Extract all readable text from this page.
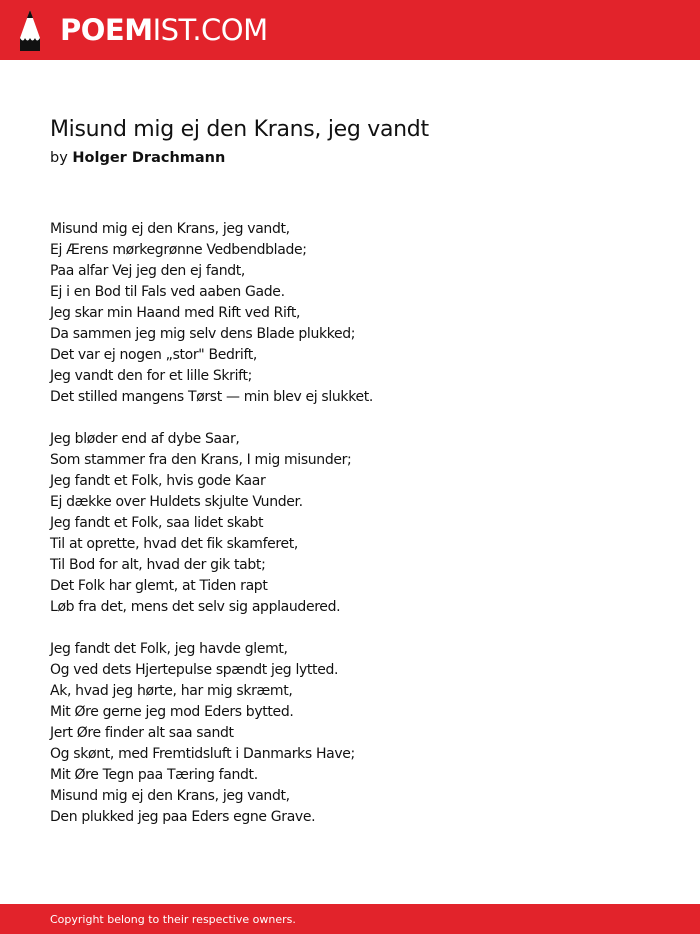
POEMIST.COM
Misund mig ej den Krans, jeg vandt
by Holger Drachmann
Misund mig ej den Krans, jeg vandt,
Ej Ærens mørkegrønne Vedbendblade;
Paa alfar Vej jeg den ej fandt,
Ej i en Bod til Fals ved aaben Gade.
Jeg skar min Haand med Rift ved Rift,
Da sammen jeg mig selv dens Blade plukked;
Det var ej nogen „stor" Bedrift,
Jeg vandt den for et lille Skrift;
Det stilled mangens Tørst — min blev ej slukket.
Jeg bløder end af dybe Saar,
Som stammer fra den Krans, I mig misunder;
Jeg fandt et Folk, hvis gode Kaar
Ej dække over Huldets skjulte Vunder.
Jeg fandt et Folk, saa lidet skabt
Til at oprette, hvad det fik skamferet,
Til Bod for alt, hvad der gik tabt;
Det Folk har glemt, at Tiden rapt
Løb fra det, mens det selv sig applaudered.
Jeg fandt det Folk, jeg havde glemt,
Og ved dets Hjertepulse spændt jeg lytted.
Ak, hvad jeg hørte, har mig skræmt,
Mit Øre gerne jeg mod Eders bytted.
Jert Øre finder alt saa sandt
Og skønt, med Fremtidsluft i Danmarks Have;
Mit Øre Tegn paa Tæring fandt.
Misund mig ej den Krans, jeg vandt,
Den plukked jeg paa Eders egne Grave.
Copyright belong to their respective owners.
